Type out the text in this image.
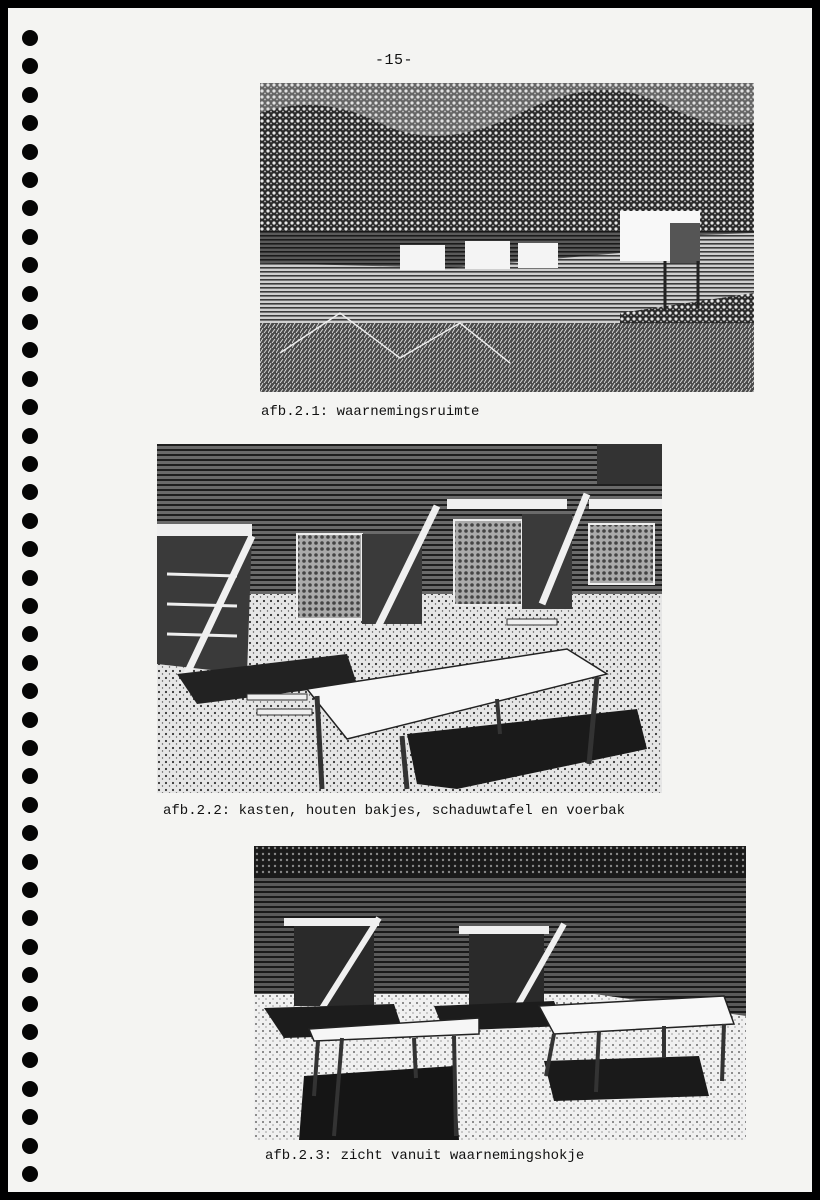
-15-
afb.2.1: waarnemingsruimte
afb.2.2: kasten, houten bakjes, schaduwtafel en voerbak
afb.2.3: zicht vanuit waarnemingshokje
